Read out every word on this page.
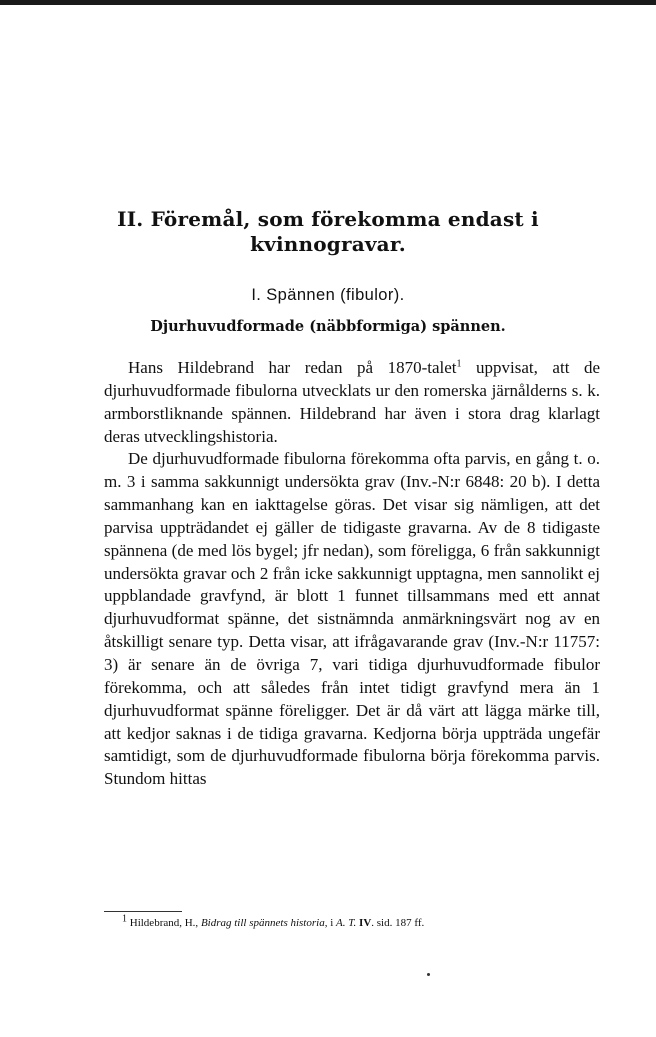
II. Föremål, som förekomma endast i
kvinnogravar.
I. Spännen (fibulor).
Djurhuvudformade (näbbformiga) spännen.

Hans Hildebrand har redan på 1870-talet$^1$ uppvisat, att de djurhuvudformade fibulorna utvecklats ur den romerska järnålderns s. k. armborstliknande spännen. Hildebrand har även i stora drag klarlagt deras utvecklingshistoria.

De djurhuvudformade fibulorna förekomma ofta parvis, en gång t. o. m. 3 i samma sakkunnigt undersökta grav (Inv.-N:r 6848: 20 b). I detta sammanhang kan en iakttagelse göras. Det visar sig nämligen, att det parvisa uppträdandet ej gäller de tidigaste gravarna. Av de 8 tidigaste spännena (de med lös bygel; jfr nedan), som föreligga, 6 från sakkunnigt undersökta gravar och 2 från icke sakkunnigt upptagna, men sannolikt ej uppblandade gravfynd, är blott 1 funnet tillsammans med ett annat djurhuvudformat spänne, det sistnämnda anmärkningsvärt nog av en åtskilligt senare typ. Detta visar, att ifrågavarande grav (Inv.-N:r 11757: 3) är senare än de övriga 7, vari tidiga djurhuvudformade fibulor förekomma, och att således från intet tidigt gravfynd mera än 1 djurhuvudformat spänne föreligger. Det är då värt att lägga märke till, att kedjor saknas i de tidiga gravarna. Kedjorna börja uppträda ungefär samtidigt, som de djurhuvudformade fibulorna börja förekomma parvis. Stundom hittas

$^1$ Hildebrand, H., Bidrag till spännets historia, i A. T. IV. sid. 187 ff.
